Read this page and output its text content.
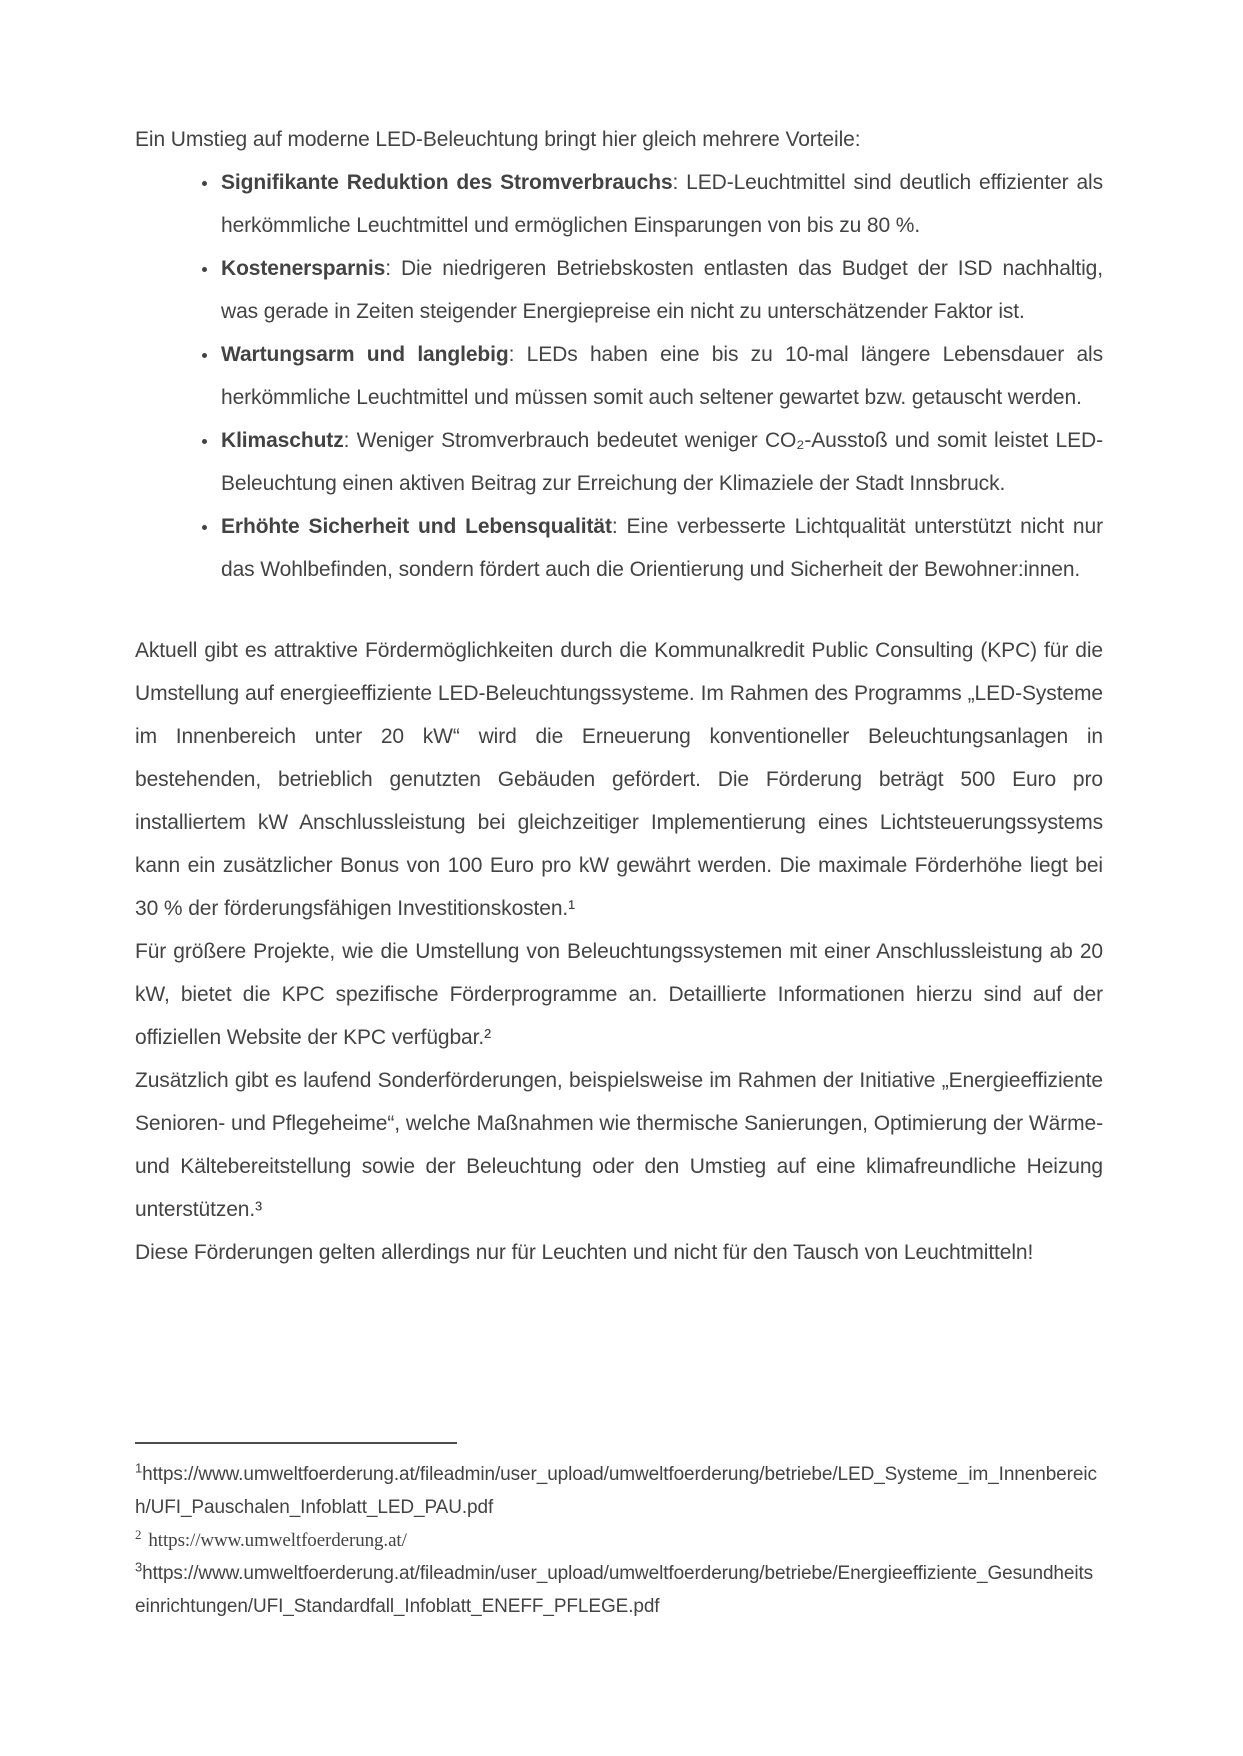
Ein Umstieg auf moderne LED-Beleuchtung bringt hier gleich mehrere Vorteile:

• Signifikante Reduktion des Stromverbrauchs: LED-Leuchtmittel sind deutlich effizienter als herkömmliche Leuchtmittel und ermöglichen Einsparungen von bis zu 80 %.
• Kostenersparnis: Die niedrigeren Betriebskosten entlasten das Budget der ISD nachhaltig, was gerade in Zeiten steigender Energiepreise ein nicht zu unterschätzender Faktor ist.
• Wartungsarm und langlebig: LEDs haben eine bis zu 10-mal längere Lebensdauer als herkömmliche Leuchtmittel und müssen somit auch seltener gewartet bzw. getauscht werden.
• Klimaschutz: Weniger Stromverbrauch bedeutet weniger CO₂-Ausstoß und somit leistet LED-Beleuchtung einen aktiven Beitrag zur Erreichung der Klimaziele der Stadt Innsbruck.
• Erhöhte Sicherheit und Lebensqualität: Eine verbesserte Lichtqualität unterstützt nicht nur das Wohlbefinden, sondern fördert auch die Orientierung und Sicherheit der Bewohner:innen.

Aktuell gibt es attraktive Fördermöglichkeiten durch die Kommunalkredit Public Consulting (KPC) für die Umstellung auf energieeffiziente LED-Beleuchtungssysteme. Im Rahmen des Programms „LED-Systeme im Innenbereich unter 20 kW“ wird die Erneuerung konventioneller Beleuchtungsanlagen in bestehenden, betrieblich genutzten Gebäuden gefördert. Die Förderung beträgt 500 Euro pro installiertem kW Anschlussleistung bei gleichzeitiger Implementierung eines Lichtsteuerungssystems kann ein zusätzlicher Bonus von 100 Euro pro kW gewährt werden. Die maximale Förderhöhe liegt bei 30 % der förderungsfähigen Investitionskosten.¹

Für größere Projekte, wie die Umstellung von Beleuchtungssystemen mit einer Anschlussleistung ab 20 kW, bietet die KPC spezifische Förderprogramme an. Detaillierte Informationen hierzu sind auf der offiziellen Website der KPC verfügbar.²

Zusätzlich gibt es laufend Sonderförderungen, beispielsweise im Rahmen der Initiative „Energieeffiziente Senioren- und Pflegeheime“, welche Maßnahmen wie thermische Sanierungen, Optimierung der Wärme- und Kältebereitstellung sowie der Beleuchtung oder den Umstieg auf eine klimafreundliche Heizung unterstützen.³

Diese Förderungen gelten allerdings nur für Leuchten und nicht für den Tausch von Leuchtmitteln!

$^1$https://www.umweltfoerderung.at/fileadmin/user_upload/umweltfoerderung/betriebe/LED_Systeme_im_Innenbereich/UFI_Pauschalen_Infoblatt_LED_PAU.pdf

$^2$ https://www.umweltfoerderung.at/

$^3$https://www.umweltfoerderung.at/fileadmin/user_upload/umweltfoerderung/betriebe/Energieeffiziente_Gesundheitseinrichtungen/UFI_Standardfall_Infoblatt_ENEFF_PFLEGE.pdf
